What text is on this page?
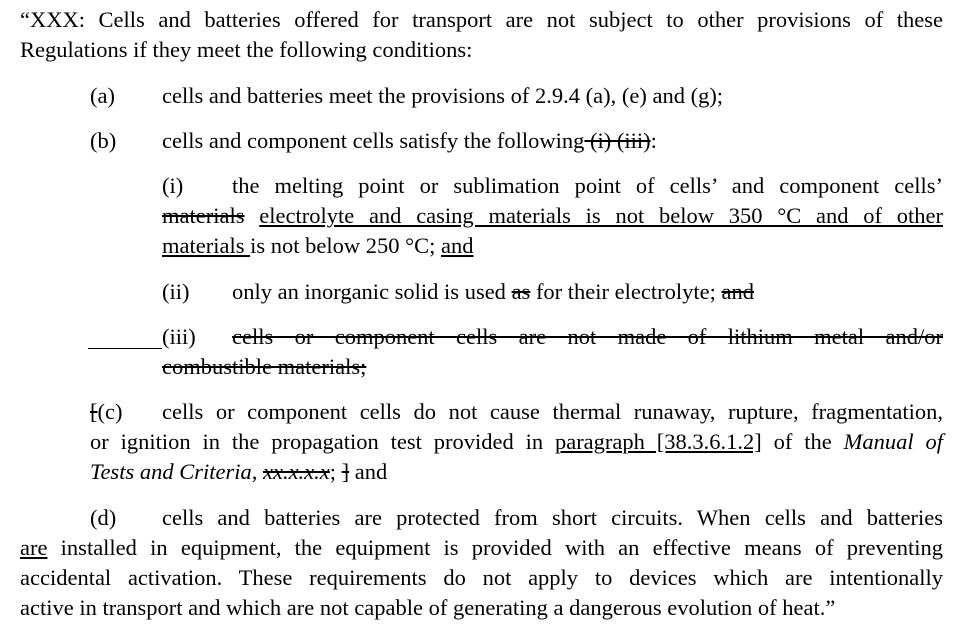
“XXX: Cells and batteries offered for transport are not subject to other provisions of these

Regulations if they meet the following conditions:

(a) cells and batteries meet the provisions of 2.9.4 (a), (e) and (g);

(b) cells and component cells satisfy the following (i) (iii):

(i) the melting point or sublimation point of cells’ and component cells’

materials electrolyte and casing materials is not below 350 °C and of other

materials is not below 250 °C; and

(ii) only an inorganic solid is used as for their electrolyte; and

(iii) cells or component cells are not made of lithium metal and/or

combustible materials;

[(c) cells or component cells do not cause thermal runaway, rupture, fragmentation,

or ignition in the propagation test provided in paragraph [38.3.6.1.2] of the Manual of

Tests and Criteria, xx.x.x.x; ] and

(d) cells and batteries are protected from short circuits. When cells and batteries

are installed in equipment, the equipment is provided with an effective means of preventing

accidental activation. These requirements do not apply to devices which are intentionally

active in transport and which are not capable of generating a dangerous evolution of heat.”
